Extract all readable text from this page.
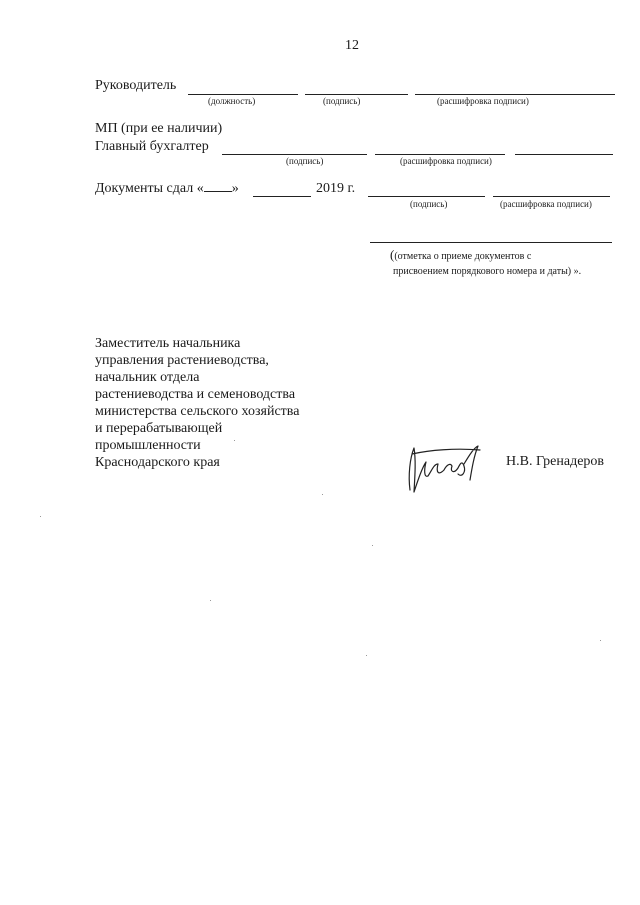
12
Руководитель
(должность)	(подпись)	(расшифровка подписи)
МП (при ее наличии)
Главный бухгалтер
(подпись)	(расшифровка подписи)
Документы сдал « »	2019 г.
(подпись)	(расшифровка подписи)
((отметка о приеме документов с
присвоением порядкового номера и даты) ».
Заместитель начальника
управления растениеводства,
начальник отдела
растениеводства и семеноводства
министерства сельского хозяйства
и перерабатывающей
промышленности
Краснодарского края	Н.В. Гренадеров
